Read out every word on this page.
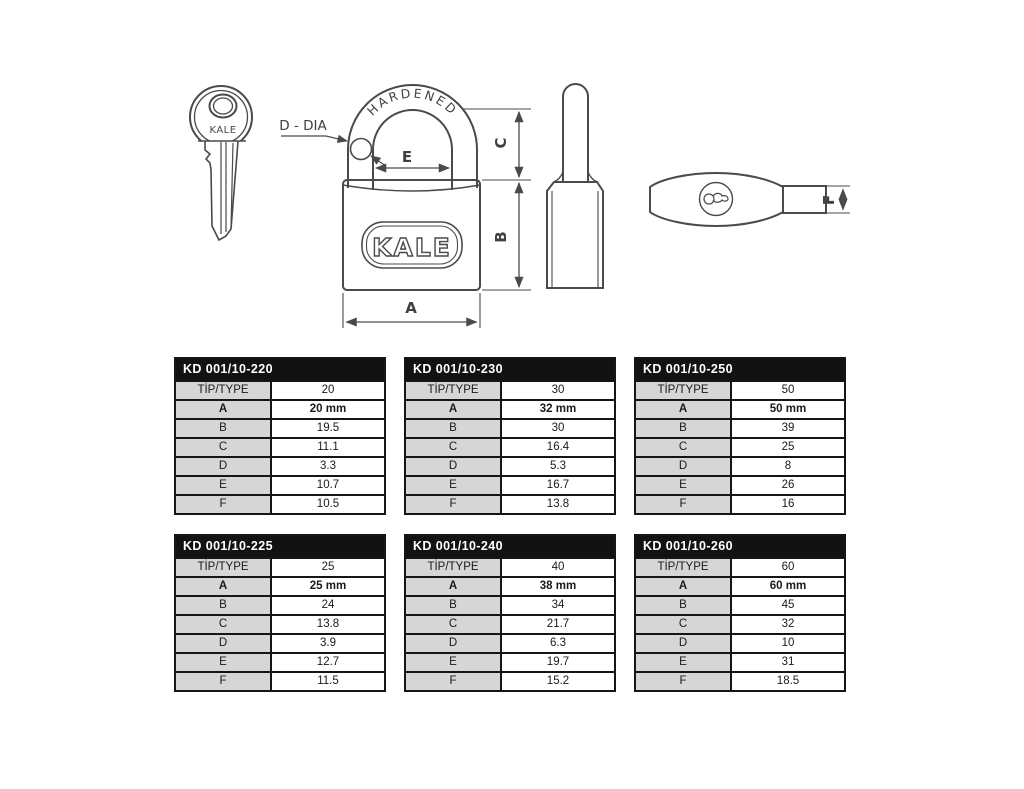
KALE
HARDENED
KALE
D - DIA
E
A
C
B
F
KD 001/10-220
TİP/TYPE	20
A	20 mm
B	19.5
C	11.1
D	3.3
E	10.7
F	10.5
KD 001/10-230
TİP/TYPE	30
A	32 mm
B	30
C	16.4
D	5.3
E	16.7
F	13.8
KD 001/10-250
TİP/TYPE	50
A	50 mm
B	39
C	25
D	8
E	26
F	16
KD 001/10-225
TİP/TYPE	25
A	25 mm
B	24
C	13.8
D	3.9
E	12.7
F	11.5
KD 001/10-240
TİP/TYPE	40
A	38 mm
B	34
C	21.7
D	6.3
E	19.7
F	15.2
KD 001/10-260
TİP/TYPE	60
A	60 mm
B	45
C	32
D	10
E	31
F	18.5
